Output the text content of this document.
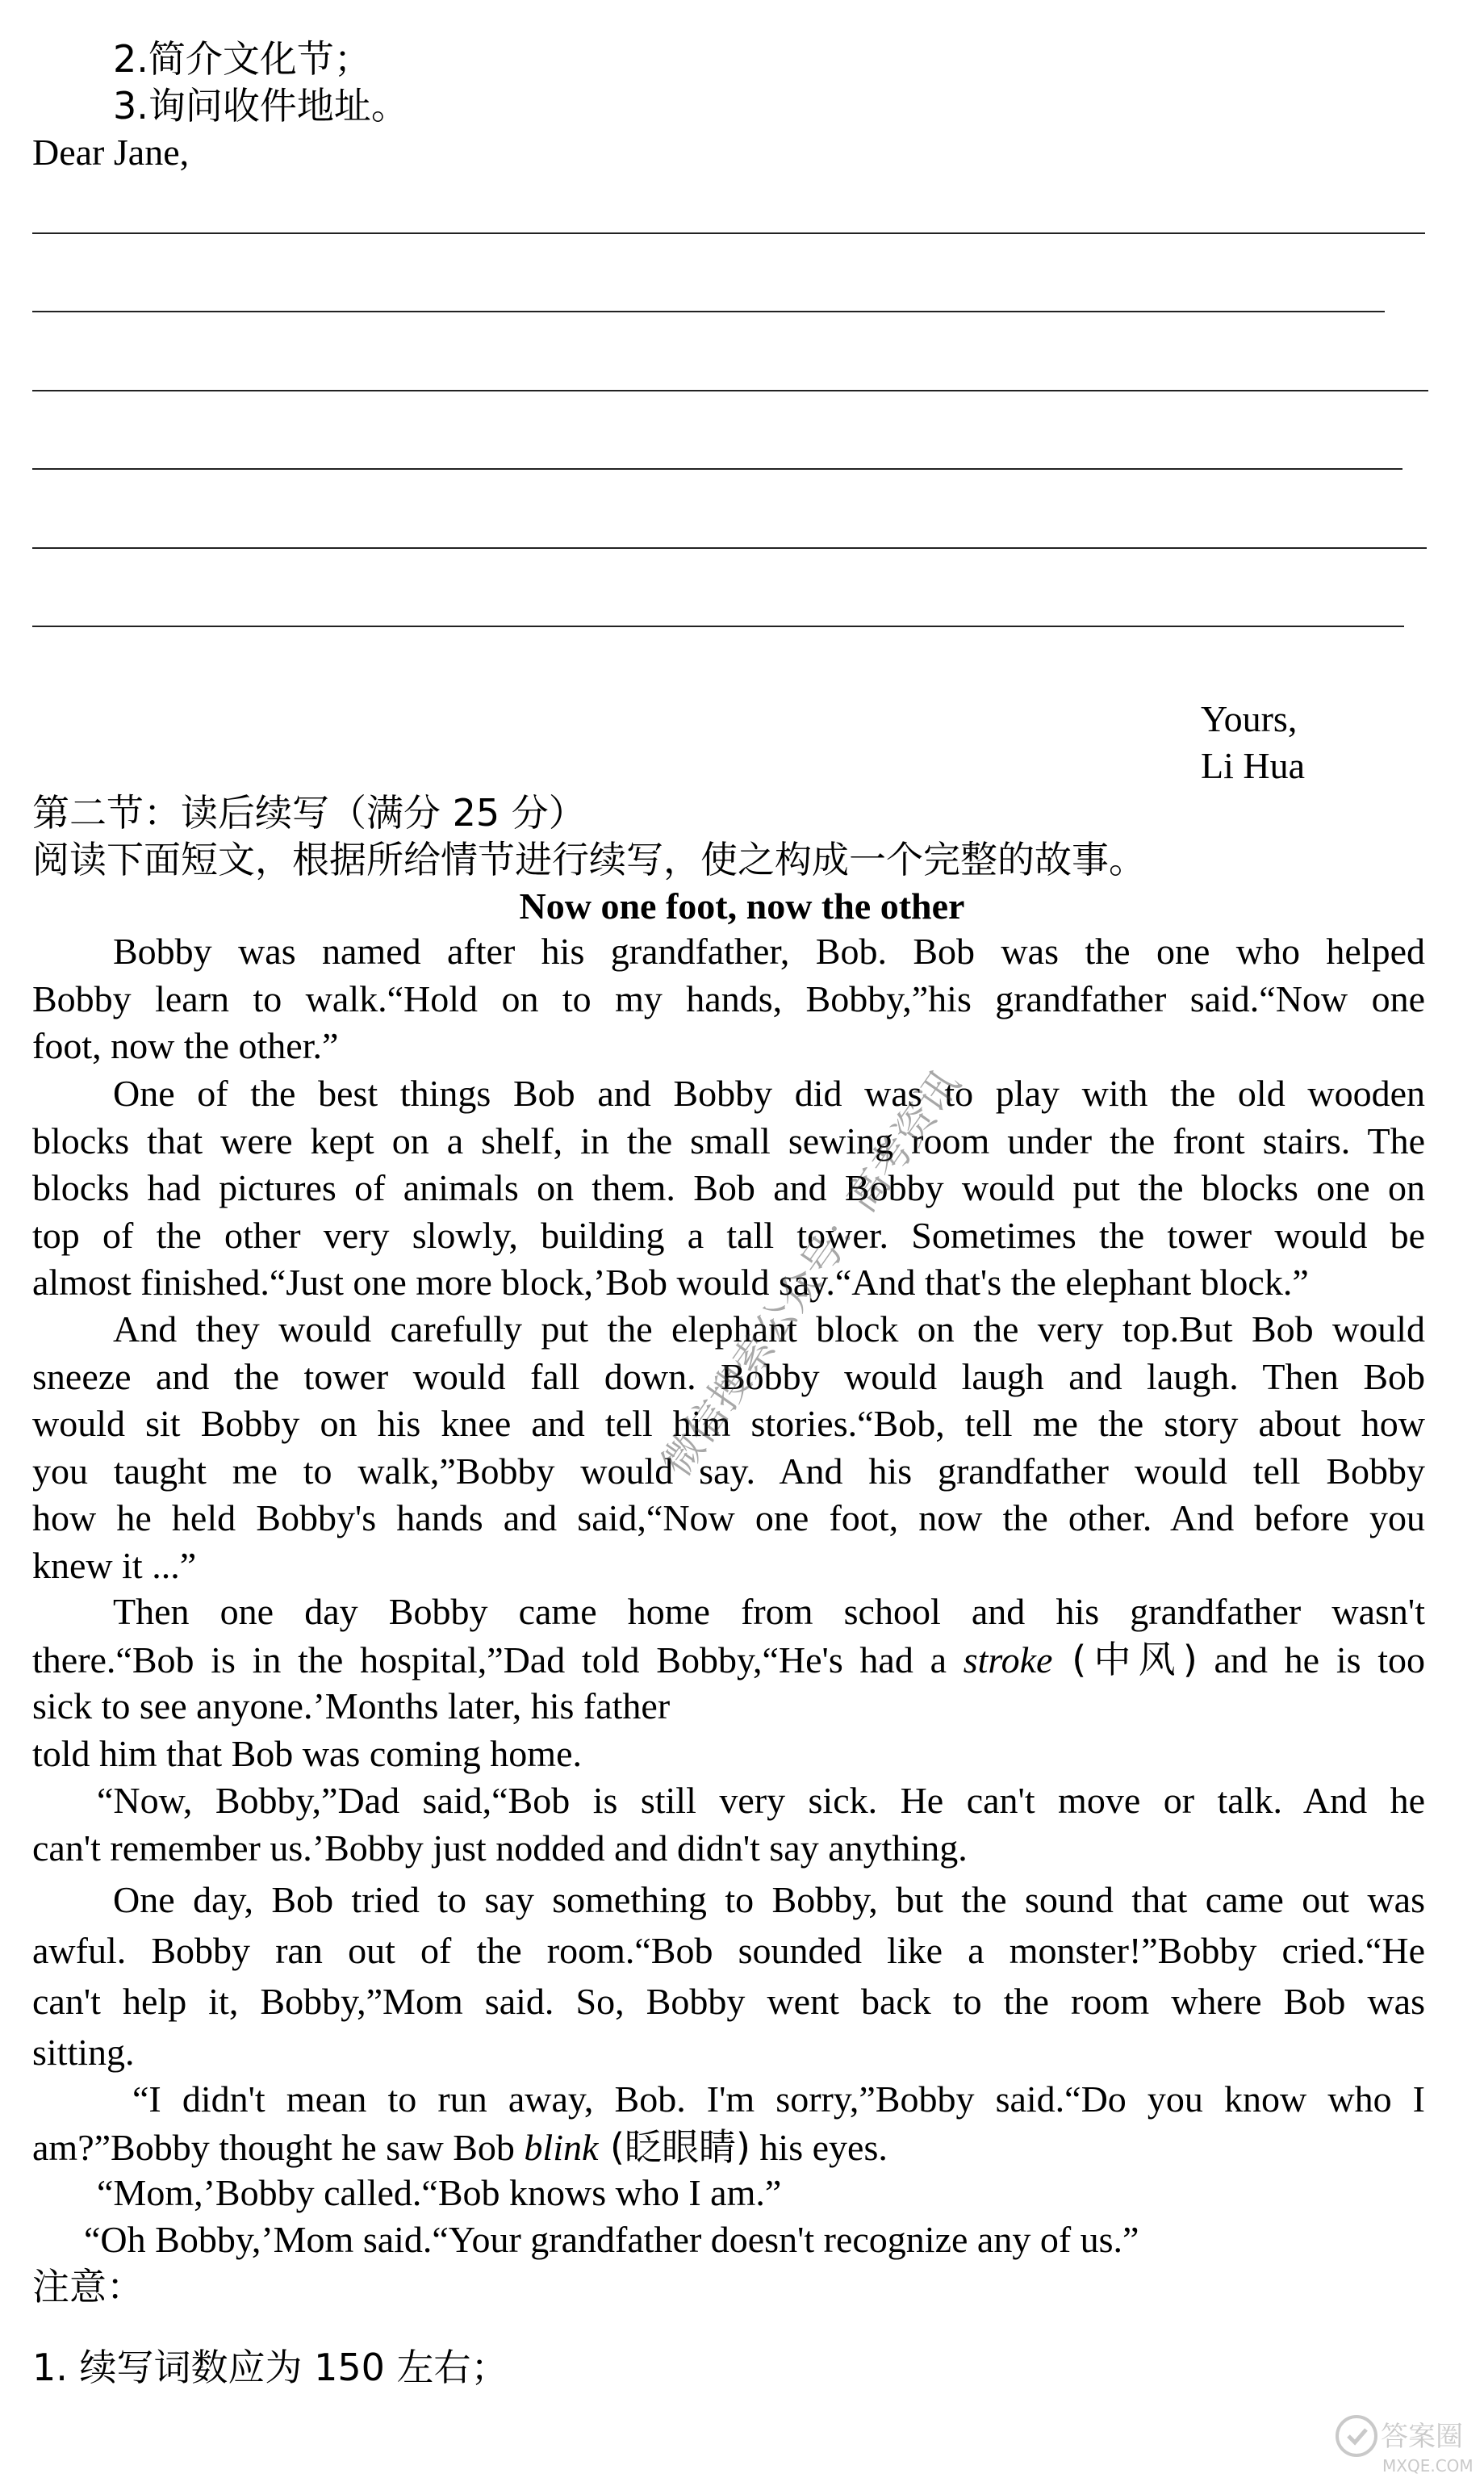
2.简介文化节；
3.询问收件地址。
Dear Jane,
Yours,
Li Hua
第二节：读后续写（满分 25 分）
阅读下面短文，根据所给情节进行续写，使之构成一个完整的故事。
Now one foot, now the other
Bobby was named after his grandfather, Bob. Bob was the one who helped
Bobby learn to walk.“Hold on to my hands, Bobby,”his grandfather said.“Now one
foot, now the other.”
One of the best things Bob and Bobby did was to play with the old wooden
blocks that were kept on a shelf, in the small sewing room under the front stairs. The
blocks had pictures of animals on them. Bob and Bobby would put the blocks one on
top of the other very slowly, building a tall tower. Sometimes the tower would be
almost finished.“Just one more block,’Bob would say.“And that's the elephant block.”
And they would carefully put the elephant block on the very top.But Bob would
sneeze and the tower would fall down. Bobby would laugh and laugh. Then Bob
would sit Bobby on his knee and tell him stories.“Bob, tell me the story about how
you taught me to walk,”Bobby would say. And his grandfather would tell Bobby
how he held Bobby's hands and said,“Now one foot, now the other. And before you
knew it ...”
Then one day Bobby came home from school and his grandfather wasn't
there.“Bob is in the hospital,”Dad told Bobby,“He's had a stroke (中风) and he is too
sick to see anyone.’Months later, his father
told him that Bob was coming home.
“Now, Bobby,”Dad said,“Bob is still very sick. He can't move or talk. And he
can't remember us.’Bobby just nodded and didn't say anything.
One day, Bob tried to say something to Bobby, but the sound that came out was
awful. Bobby ran out of the room.“Bob sounded like a monster!”Bobby cried.“He
can't help it, Bobby,”Mom said. So, Bobby went back to the room where Bob was
sitting.
“I didn't mean to run away, Bob. I'm sorry,”Bobby said.“Do you know who I
am?”Bobby thought he saw Bob blink (眨眼睛) his eyes.
“Mom,’Bobby called.“Bob knows who I am.”
“Oh Bobby,’Mom said.“Your grandfather doesn't recognize any of us.”
注意：
1. 续写词数应为 150 左右；
微信搜索公众号：高考资讯
答案圈
MXQE.COM
